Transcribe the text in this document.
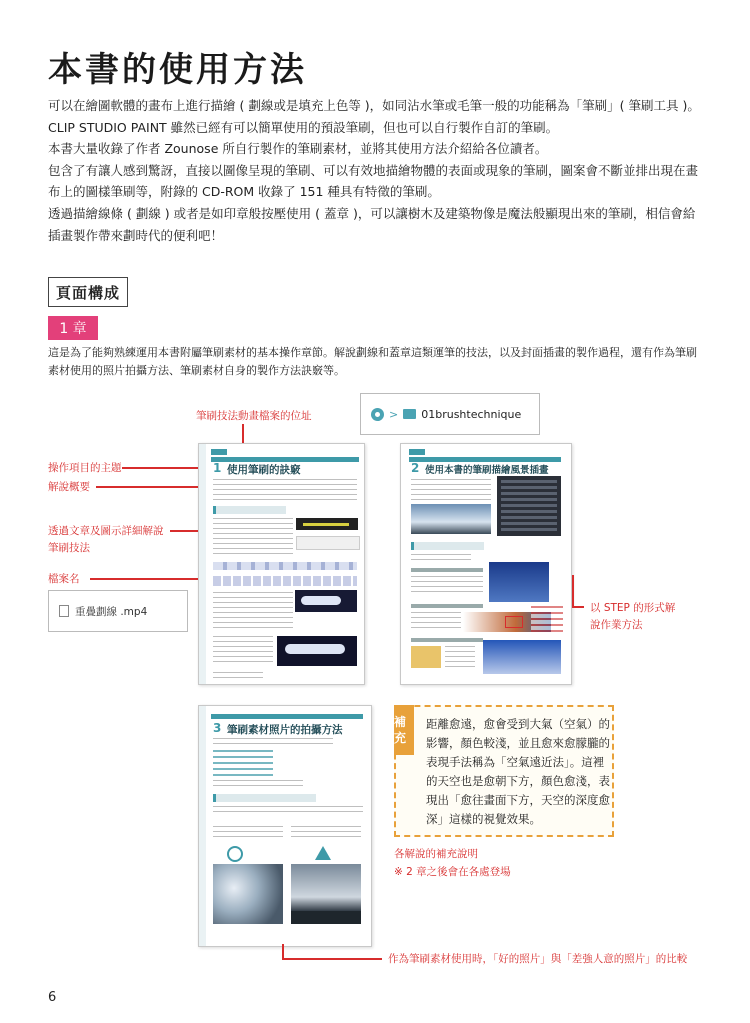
本書的使用方法

可以在繪圖軟體的畫布上進行描繪 ( 劃線或是填充上色等 )，如同沾水筆或毛筆一般的功能稱為「筆刷」( 筆刷工具 )。CLIP STUDIO PAINT 雖然已經有可以簡單使用的預設筆刷，但也可以自行製作自訂的筆刷。

本書大量收錄了作者 Zounose 所自行製作的筆刷素材，並將其使用方法介紹給各位讀者。

包含了有讓人感到驚訝，直接以圖像呈現的筆刷、可以有效地描繪物體的表面或現象的筆刷，圖案會不斷並排出現在畫布上的圖樣筆刷等，附錄的 CD-ROM 收錄了 151 種具有特徵的筆刷。

透過描繪線條 ( 劃線 ) 或者是如印章般按壓使用 ( 蓋章 )，可以讓樹木及建築物像是魔法般顯現出來的筆刷，相信會給插畫製作帶來劃時代的便利吧！

頁面構成
1 章
這是為了能夠熟練運用本書附屬筆刷素材的基本操作章節。解說劃線和蓋章這類運筆的技法，以及封面插畫的製作過程，還有作為筆刷素材使用的照片拍攝方法、筆刷素材自身的製作方法訣竅等。
筆刷技法動畫檔案的位址	> 01brushtechnique
操作項目的主題
解說概要
透過文章及圖示詳細解說筆刷技法
檔案名
重疊劃線 .mp4
1 使用筆刷的訣竅	2 使用本書的筆刷描繪風景插畫
以 STEP 的形式解說作業方法
3 筆刷素材照片的拍攝方法
作為筆刷素材使用時，「好的照片」與「差強人意的照片」的比較
補充
距離愈遠，愈會受到大氣（空氣）的影響，顏色較淺，並且愈來愈朦朧的表現手法稱為「空氣遠近法」。這裡的天空也是愈朝下方，顏色愈淺，表現出「愈往畫面下方，天空的深度愈深」這樣的視覺效果。
各解說的補充說明
※ 2 章之後會在各處登場
6
